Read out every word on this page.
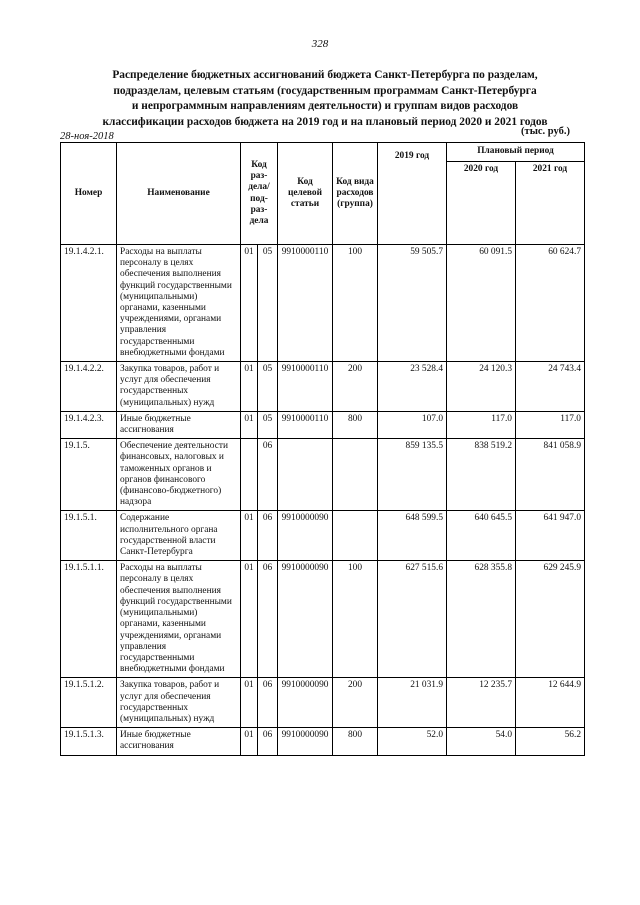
328
Распределение бюджетных ассигнований бюджета Санкт-Петербурга по разделам,
подразделам, целевым статьям (государственным программам Санкт-Петербурга
и непрограммным направлениям деятельности) и группам видов расходов
классификации расходов бюджета на 2019 год и на плановый период 2020 и 2021 годов
28-ноя-2018	(тыс. руб.)
Номер	Наименование	Код раз- дела/ под- раз- дела		Код целевой статьи	Код вида расходов (группа)	2019 год	Плановый период	
							2020 год	2021 год
19.1.4.2.1.	Расходы на выплаты персоналу в целях обеспечения выполнения функций государственными (муниципальными) органами, казенными учреждениями, органами управления государственными внебюджетными фондами	01	05	9910000110	100	59 505.7	60 091.5	60 624.7
19.1.4.2.2.	Закупка товаров, работ и услуг для обеспечения государственных (муниципальных) нужд	01	05	9910000110	200	23 528.4	24 120.3	24 743.4
19.1.4.2.3.	Иные бюджетные ассигнования	01	05	9910000110	800	107.0	117.0	117.0
19.1.5.	Обеспечение деятельности финансовых, налоговых и таможенных органов и органов финансового (финансово-бюджетного) надзора		06			859 135.5	838 519.2	841 058.9
19.1.5.1.	Содержание исполнительного органа государственной власти Санкт-Петербурга	01	06	9910000090		648 599.5	640 645.5	641 947.0
19.1.5.1.1.	Расходы на выплаты персоналу в целях обеспечения выполнения функций государственными (муниципальными) органами, казенными учреждениями, органами управления государственными внебюджетными фондами	01	06	9910000090	100	627 515.6	628 355.8	629 245.9
19.1.5.1.2.	Закупка товаров, работ и услуг для обеспечения государственных (муниципальных) нужд	01	06	9910000090	200	21 031.9	12 235.7	12 644.9
19.1.5.1.3.	Иные бюджетные ассигнования	01	06	9910000090	800	52.0	54.0	56.2
